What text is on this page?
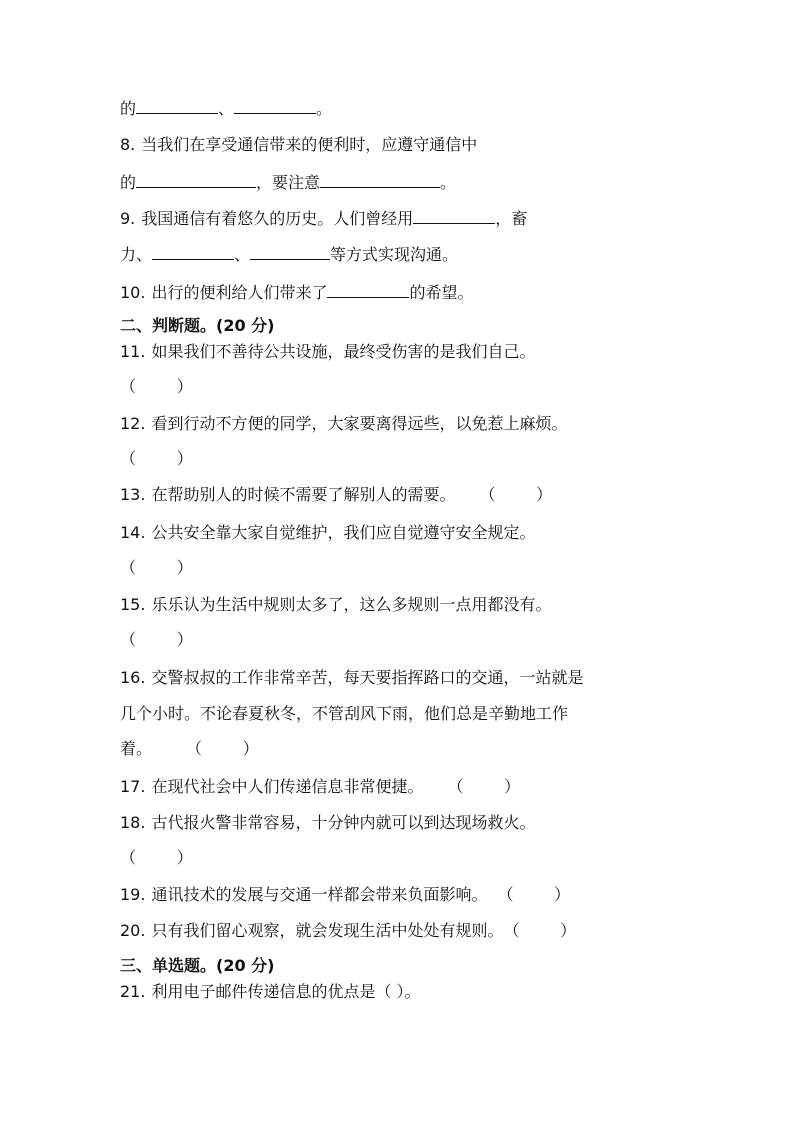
的	、	。
8. 当我们在享受通信带来的便利时，应遵守通信中
的	，要注意	。
9. 我国通信有着悠久的历史。人们曾经用	，畜
力、	、	等方式实现沟通。
10. 出行的便利给人们带来了	的希望。
二、判断题。(20 分)
11. 如果我们不善待公共设施，最终受伤害的是我们自己。
（        ）
12. 看到行动不方便的同学，大家要离得远些，以免惹上麻烦。
（        ）
13. 在帮助别人的时候不需要了解别人的需要。 （        ）
14. 公共安全靠大家自觉维护，我们应自觉遵守安全规定。
（        ）
15. 乐乐认为生活中规则太多了，这么多规则一点用都没有。
（        ）
16. 交警叔叔的工作非常辛苦，每天要指挥路口的交通，一站就是
几个小时。不论春夏秋冬，不管刮风下雨，他们总是辛勤地工作
着。 （        ）
17. 在现代社会中人们传递信息非常便捷。 （        ）
18. 古代报火警非常容易，十分钟内就可以到达现场救火。
（        ）
19. 通讯技术的发展与交通一样都会带来负面影响。 （        ）
20. 只有我们留心观察，就会发现生活中处处有规则。（        ）
三、单选题。(20 分)
21. 利用电子邮件传递信息的优点是（ ）。
